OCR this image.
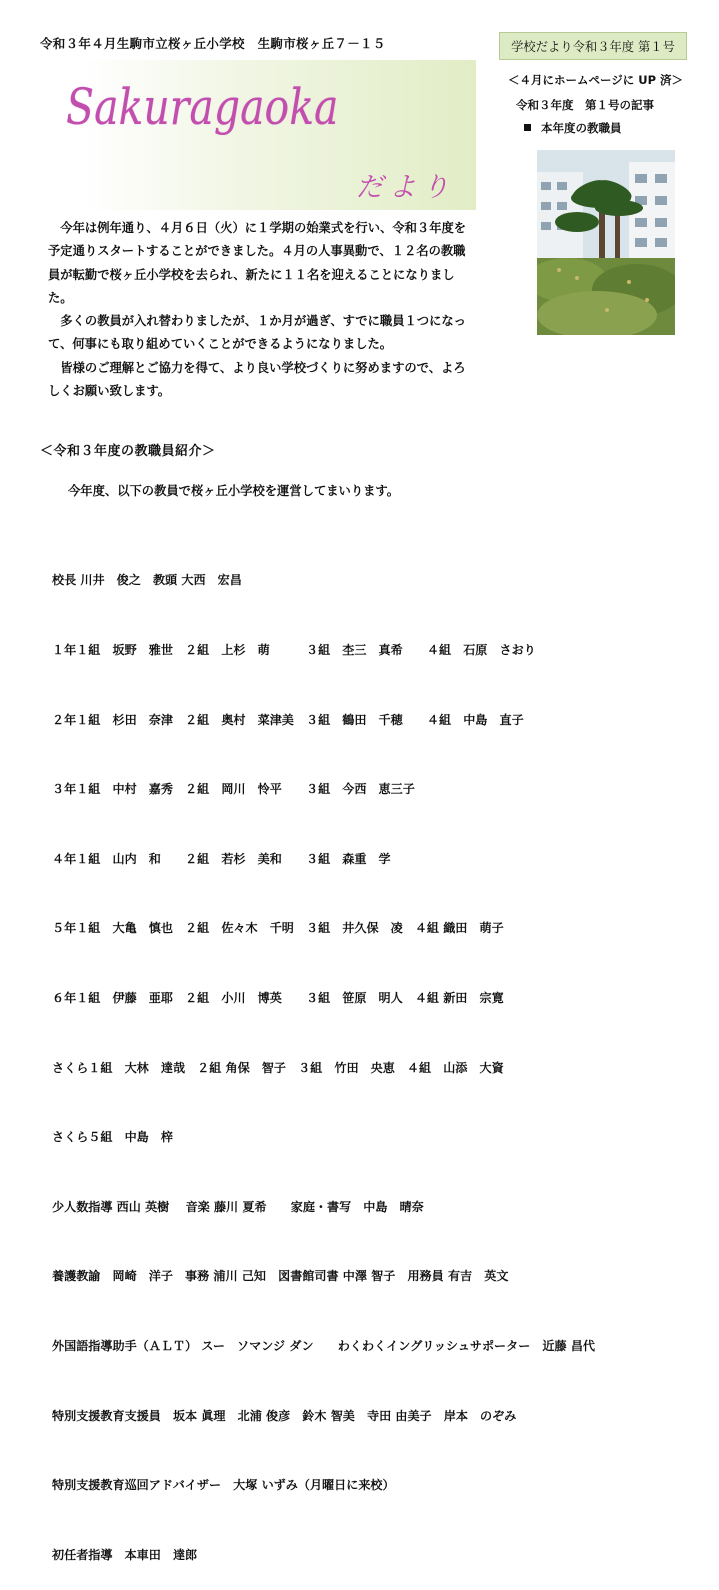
令和３年４月生駒市立桜ヶ丘小学校　生駒市桜ヶ丘７－１５
Sakuragaoka
だより

今年は例年通り、４月６日（火）に１学期の始業式を行い、令和３年度を予定通りスタートすることができました。４月の人事異動で、１２名の教職員が転勤で桜ヶ丘小学校を去られ、新たに１１名を迎えることになりました。

多くの教員が入れ替わりましたが、１か月が過ぎ、すでに職員１つになって、何事にも取り組めていくことができるようになりました。

皆様のご理解とご協力を得て、より良い学校づくりに努めますので、よろしくお願い致します。

＜令和３年度の教職員紹介＞
今年度、以下の教員で桜ヶ丘小学校を運営してまいります。

校長 川井　俊之　教頭 大西　宏昌

１年１組　坂野　雅世　２組　上杉　萌　　　３組　杢三　真希　　４組　石原　さおり

２年１組　杉田　奈津　２組　奥村　菜津美　３組　鶴田　千穂　　４組　中島　直子

３年１組　中村　嘉秀　２組　岡川　怜平　　３組　今西　恵三子

４年１組　山内　和　　２組　若杉　美和　　３組　森重　学

５年１組　大亀　慎也　２組　佐々木　千明　３組　井久保　凌　４組 織田　萌子

６年１組　伊藤　亜耶　２組　小川　博英　　３組　笹原　明人　４組 新田　宗寛

さくら１組　大林　達哉　２組 角保　智子　３組　竹田　央恵　４組　山添　大資

さくら５組　中島　梓

少人数指導 西山 英樹　 音楽 藤川 夏希　　家庭・書写　中島　晴奈

養護教諭　岡崎　洋子　事務 浦川 己知　図書館司書 中澤 智子　用務員 有吉　英文

外国語指導助手（ＡＬＴ） スー　ソマンジ ダン　　わくわくイングリッシュサポーター　近藤 昌代

特別支援教育支援員　坂本 眞理　北浦 俊彦　鈴木 智美　寺田 由美子　岸本　のぞみ

特別支援教育巡回アドバイザー　大塚 いずみ（月曜日に来校）

初任者指導　本車田　達郎

学校だより令和３年度 第１号
＜４月にホームページに UP 済＞
令和３年度　第１号の記事
本年度の教職員
